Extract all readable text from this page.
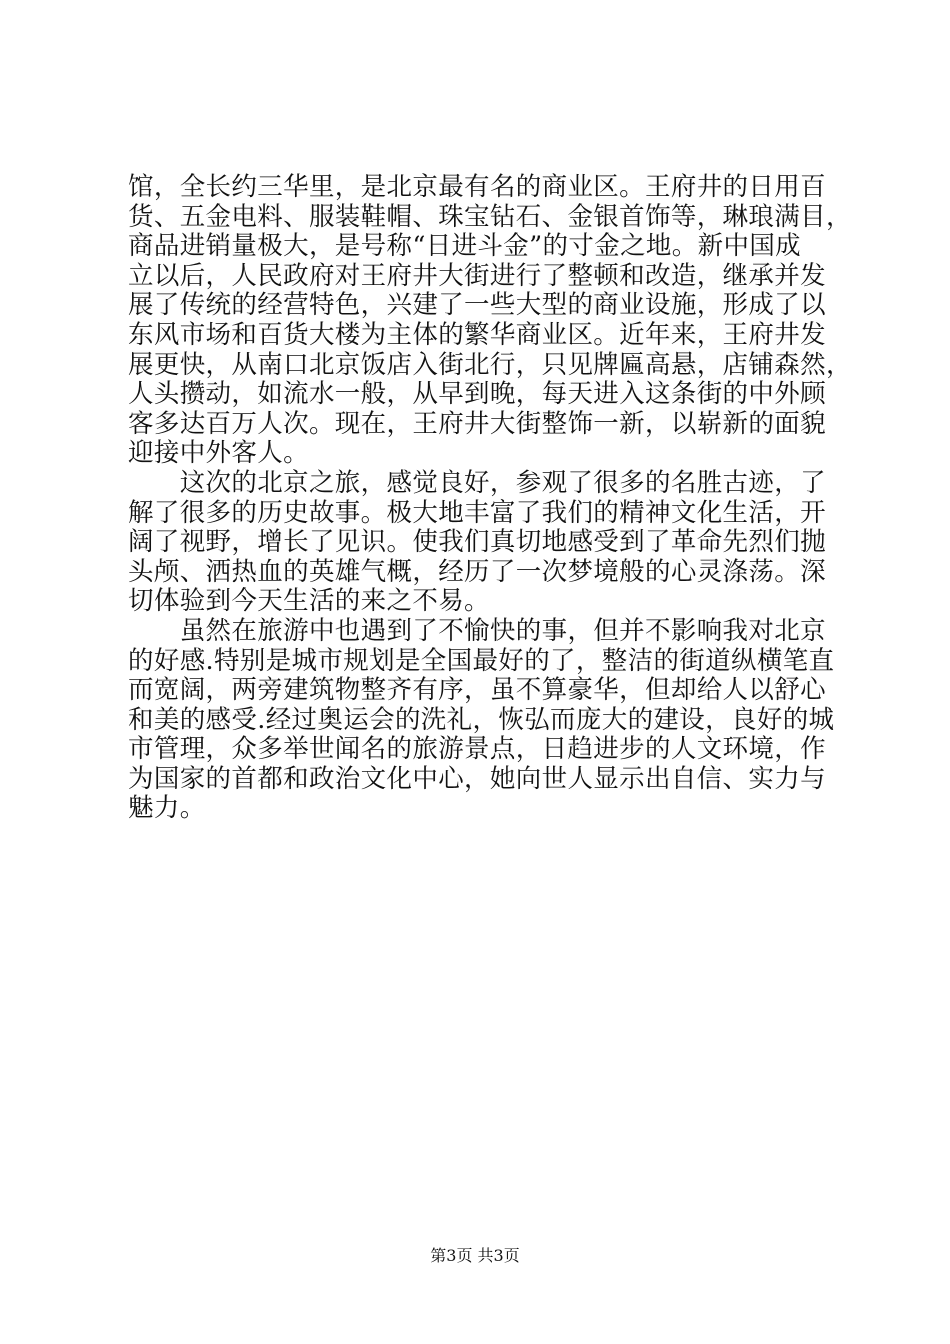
馆，全长约三华里，是北京最有名的商业区。王府井的日用百
货、五金电料、服装鞋帽、珠宝钻石、金银首饰等，琳琅满目，
商品进销量极大，是号称“日进斗金”的寸金之地。新中国成
立以后，人民政府对王府井大街进行了整顿和改造，继承并发
展了传统的经营特色，兴建了一些大型的商业设施，形成了以
东风市场和百货大楼为主体的繁华商业区。近年来，王府井发
展更快，从南口北京饭店入街北行，只见牌匾高悬，店铺森然，
人头攒动，如流水一般，从早到晚，每天进入这条街的中外顾
客多达百万人次。现在，王府井大街整饰一新，以崭新的面貌
迎接中外客人。
　　这次的北京之旅，感觉良好，参观了很多的名胜古迹，了
解了很多的历史故事。极大地丰富了我们的精神文化生活，开
阔了视野，增长了见识。使我们真切地感受到了革命先烈们抛
头颅、洒热血的英雄气概，经历了一次梦境般的心灵涤荡。深
切体验到今天生活的来之不易。
　　虽然在旅游中也遇到了不愉快的事，但并不影响我对北京
的好感.特别是城市规划是全国最好的了，整洁的街道纵横笔直
而宽阔，两旁建筑物整齐有序，虽不算豪华，但却给人以舒心
和美的感受.经过奥运会的洗礼，恢弘而庞大的建设，良好的城
市管理，众多举世闻名的旅游景点，日趋进步的人文环境，作
为国家的首都和政治文化中心，她向世人显示出自信、实力与
魅力。
第3页 共3页
